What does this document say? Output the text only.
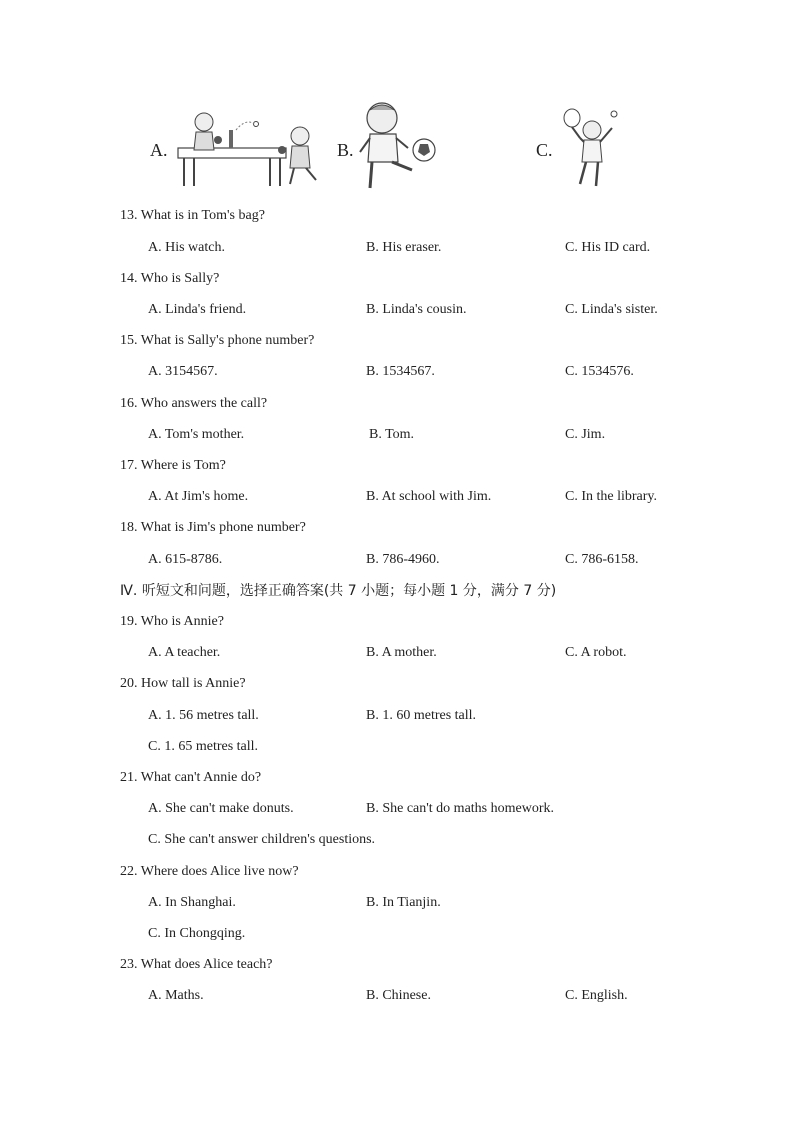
A.	B.	C.
13. What is in Tom's bag?
A. His watch.	B. His eraser.	C. His ID card.
14. Who is Sally?
A. Linda's friend.	B. Linda's cousin.	C. Linda's sister.
15. What is Sally's phone number?
A. 3154567.	B. 1534567.	C. 1534576.
16. Who answers the call?
A. Tom's mother.	B. Tom.	C. Jim.
17. Where is Tom?
A. At Jim's home.	B. At school with Jim.	C. In the library.
18. What is Jim's phone number?
A. 615-8786.	B. 786-4960.	C. 786-6158.
Ⅳ. 听短文和问题，选择正确答案(共 7 小题；每小题 1 分，满分 7 分)
19. Who is Annie?
A. A teacher.	B. A mother.	C. A robot.
20. How tall is Annie?
A. 1. 56 metres tall.	B. 1. 60 metres tall.
C. 1. 65 metres tall.
21. What can't Annie do?
A. She can't make donuts.	B. She can't do maths homework.
C. She can't answer children's questions.
22. Where does Alice live now?
A. In Shanghai.	B. In Tianjin.
C. In Chongqing.
23. What does Alice teach?
A. Maths.	B. Chinese.	C. English.
